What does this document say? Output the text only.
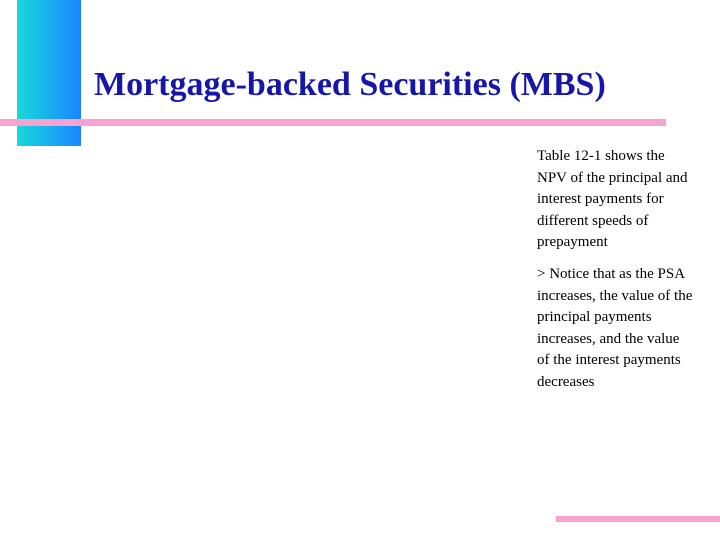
Mortgage-backed Securities (MBS)

Table 12-1 shows the NPV of the principal and interest payments for different speeds of prepayment

> Notice that as the PSA increases, the value of the principal payments increases, and the value of the interest payments decreases
